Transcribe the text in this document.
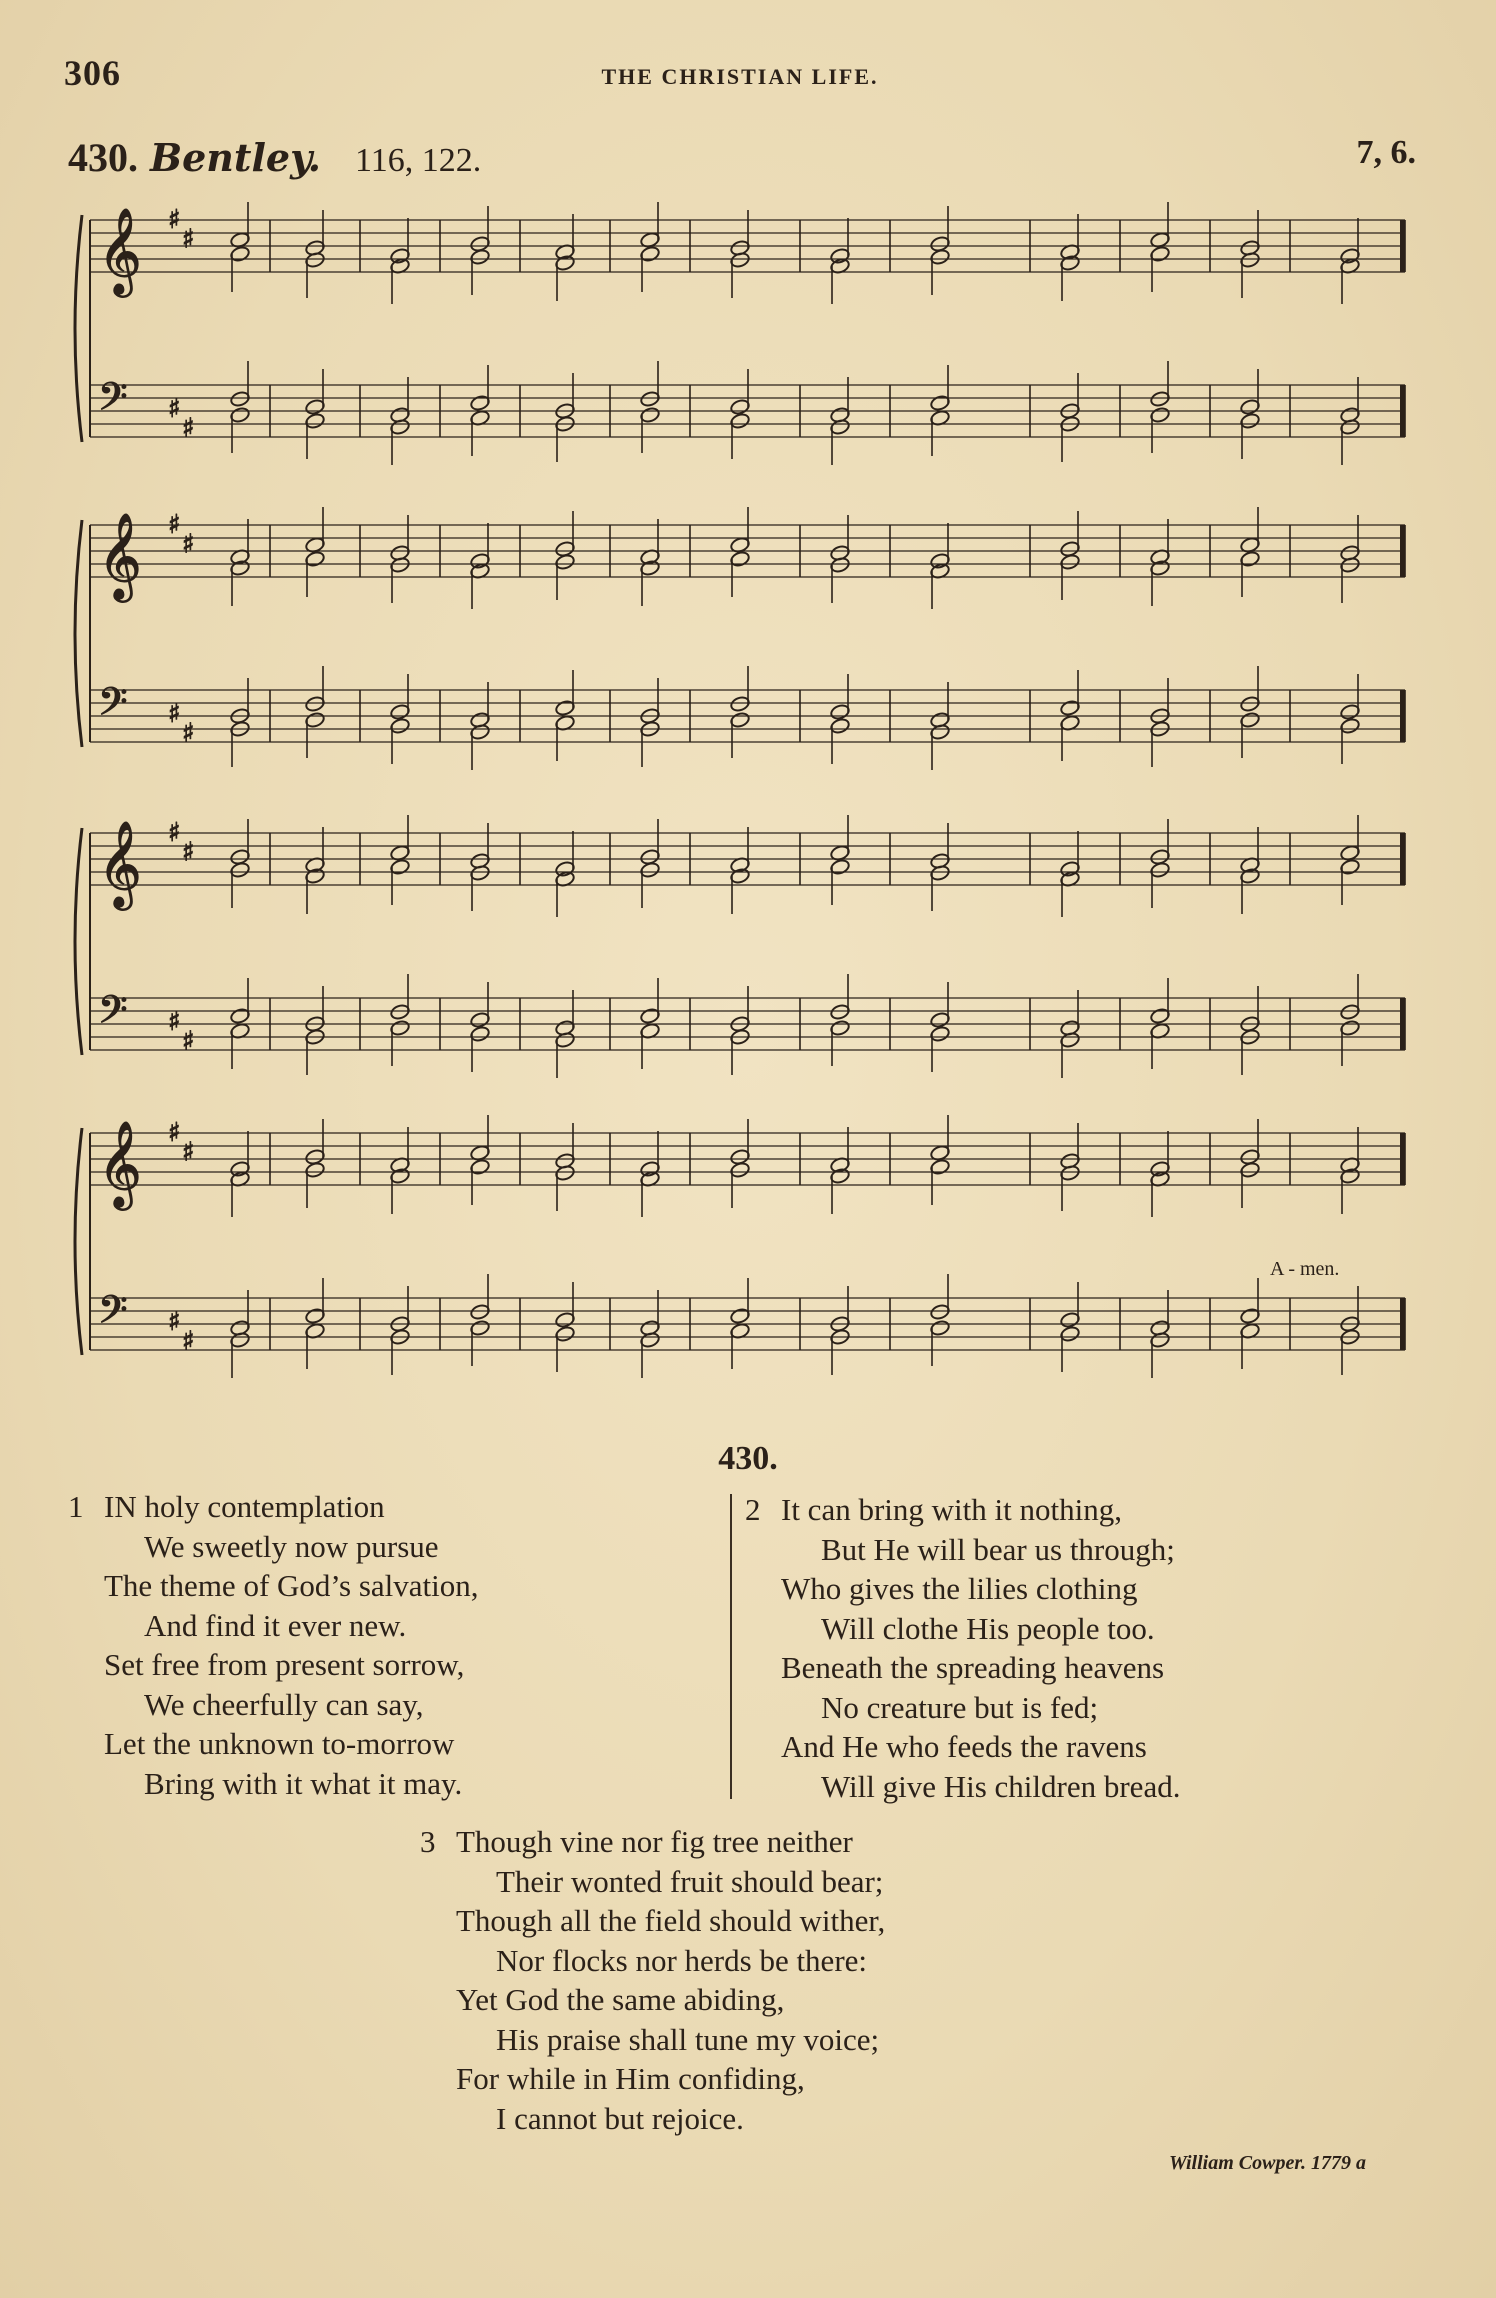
306	THE CHRISTIAN LIFE.
430. Bentley. 116, 122.	7, 6.
𝄞 ♯
♯
𝄢 ♯
♯
𝄞 ♯
♯
𝄢 ♯
♯
𝄞 ♯
♯
𝄢 ♯
♯
𝄞 ♯
♯
𝄢 ♯
♯
A - men.
430.
1 IN holy contemplation
We sweetly now pursue
The theme of God’s salvation,
And find it ever new.
Set free from present sorrow,
We cheerfully can say,
Let the unknown to-morrow
Bring with it what it may.
2 It can bring with it nothing,
But He will bear us through;
Who gives the lilies clothing
Will clothe His people too.
Beneath the spreading heavens
No creature but is fed;
And He who feeds the ravens
Will give His children bread.
3 Though vine nor fig tree neither
Their wonted fruit should bear;
Though all the field should wither,
Nor flocks nor herds be there:
Yet God the same abiding,
His praise shall tune my voice;
For while in Him confiding,
I cannot but rejoice.
William Cowper. 1779 a
